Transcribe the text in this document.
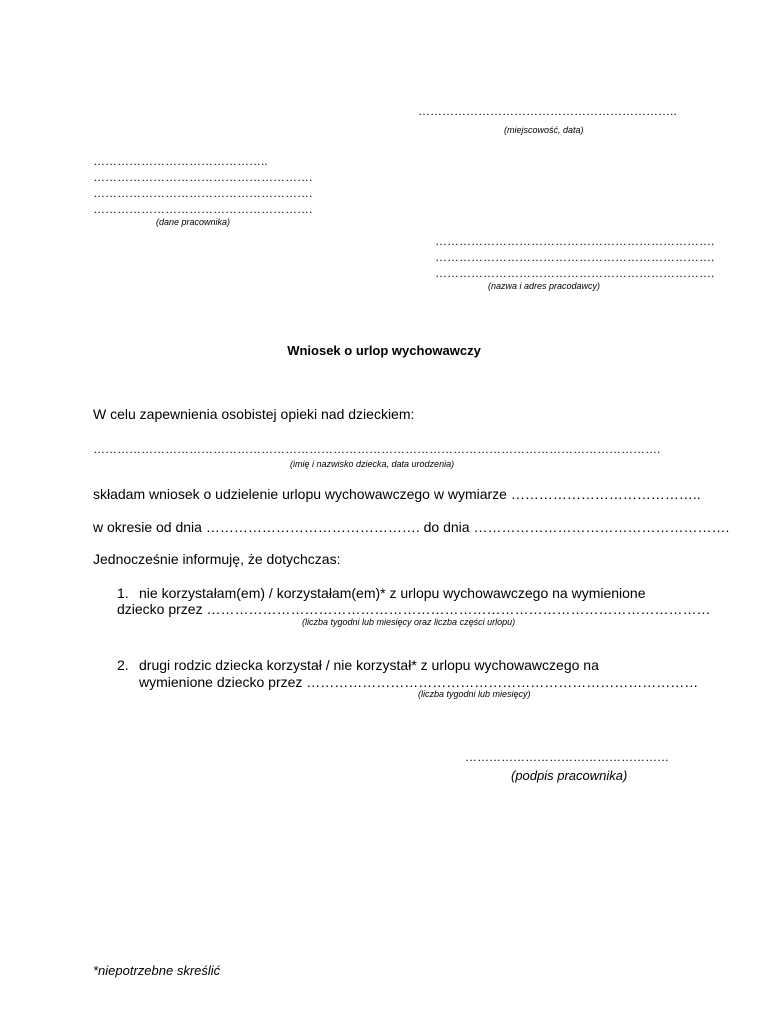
………………………………………………………..
(miejscowość, data)
……………………………………..
……………………………………………….
……………………………………………….
……………………………………………….
(dane pracownika)
…………………………………………………………….
…………………………………………………………….
…………………………………………………………….
(nazwa i adres pracodawcy)
Wniosek o urlop wychowawczy
W celu zapewnienia osobistej opieki nad dzieckiem:
…………………………………………………………………………………………………………………………….
(imię i nazwisko dziecka, data urodzenia)
składam wniosek o udzielenie urlopu wychowawczego w wymiarze …………………………………..
w okresie od dnia ………………………………………. do dnia ……………………………………………….
Jednocześnie informuję, że dotychczas:
1. nie korzystałam(em) / korzystałam(em)* z urlopu wychowawczego na wymienione
dziecko przez ………………………………………………………………………………………………
(liczba tygodni lub miesięcy oraz liczba części urlopu)
2. drugi rodzic dziecka korzystał / nie korzystał* z urlopu wychowawczego na
wymienione dziecko przez …………………………………………………………………………
(liczba tygodni lub miesięcy)
……………………………………………
(podpis pracownika)
*niepotrzebne skreślić
